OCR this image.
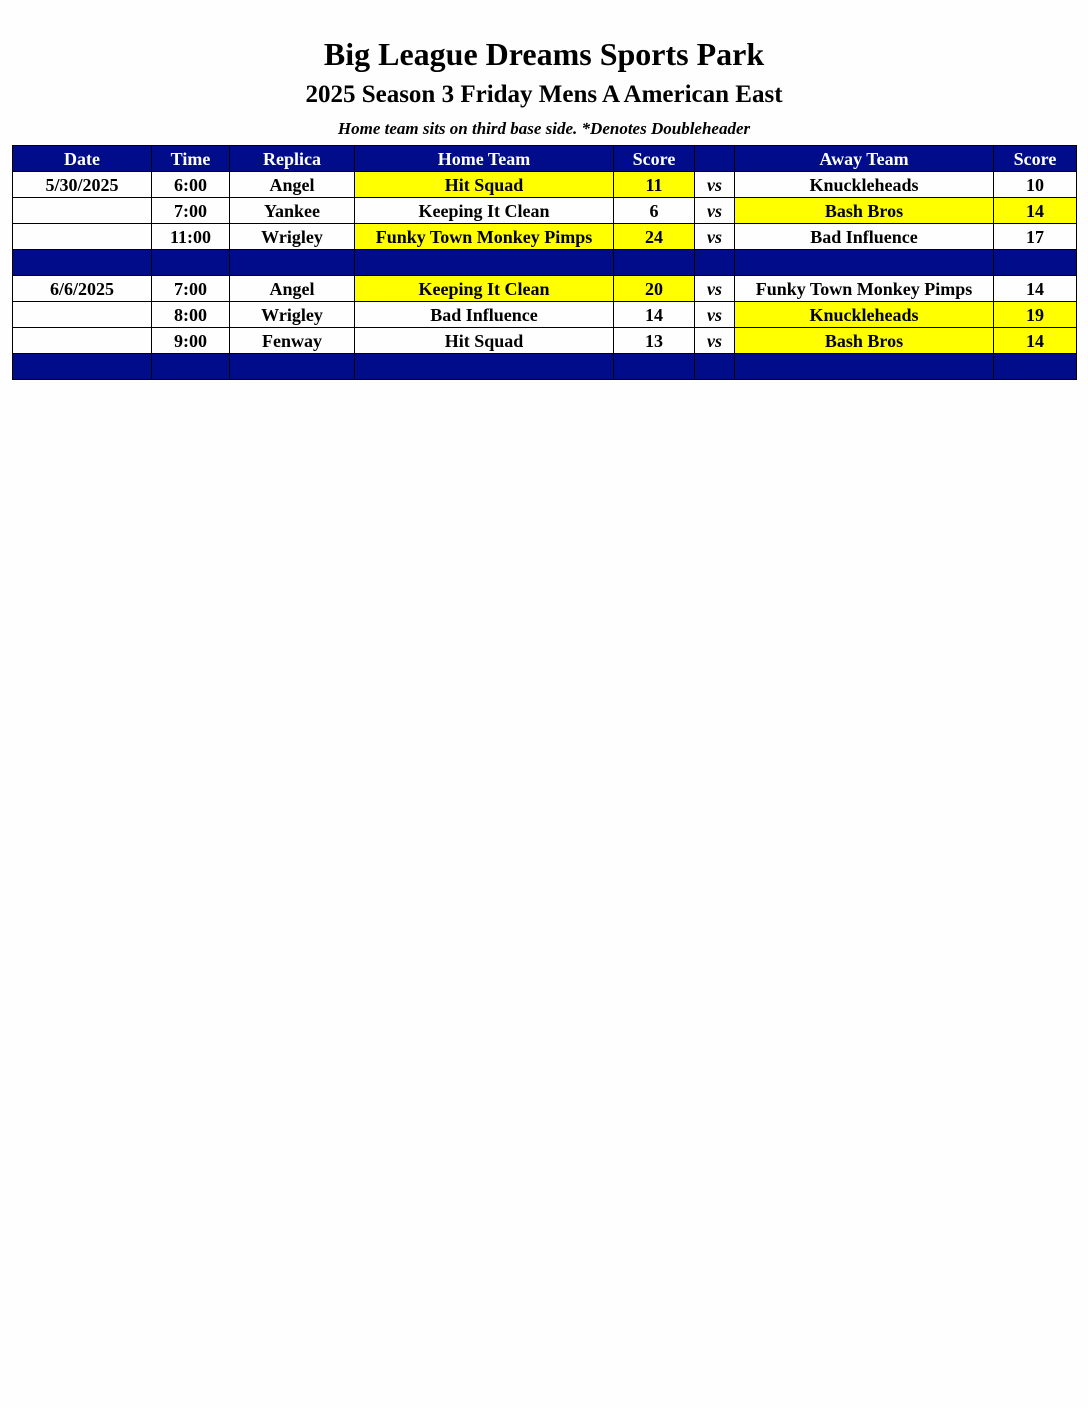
Big League Dreams Sports Park
2025 Season 3 Friday Mens A American East
Home team sits on third base side. *Denotes Doubleheader
Date	Time	Replica	Home Team	Score		Away Team	Score
5/30/2025	6:00	Angel	Hit Squad	11	vs	Knuckleheads	10
	7:00	Yankee	Keeping It Clean	6	vs	Bash Bros	14
	11:00	Wrigley	Funky Town Monkey Pimps	24	vs	Bad Influence	17

6/6/2025	7:00	Angel	Keeping It Clean	20	vs	Funky Town Monkey Pimps	14
	8:00	Wrigley	Bad Influence	14	vs	Knuckleheads	19
	9:00	Fenway	Hit Squad	13	vs	Bash Bros	14
